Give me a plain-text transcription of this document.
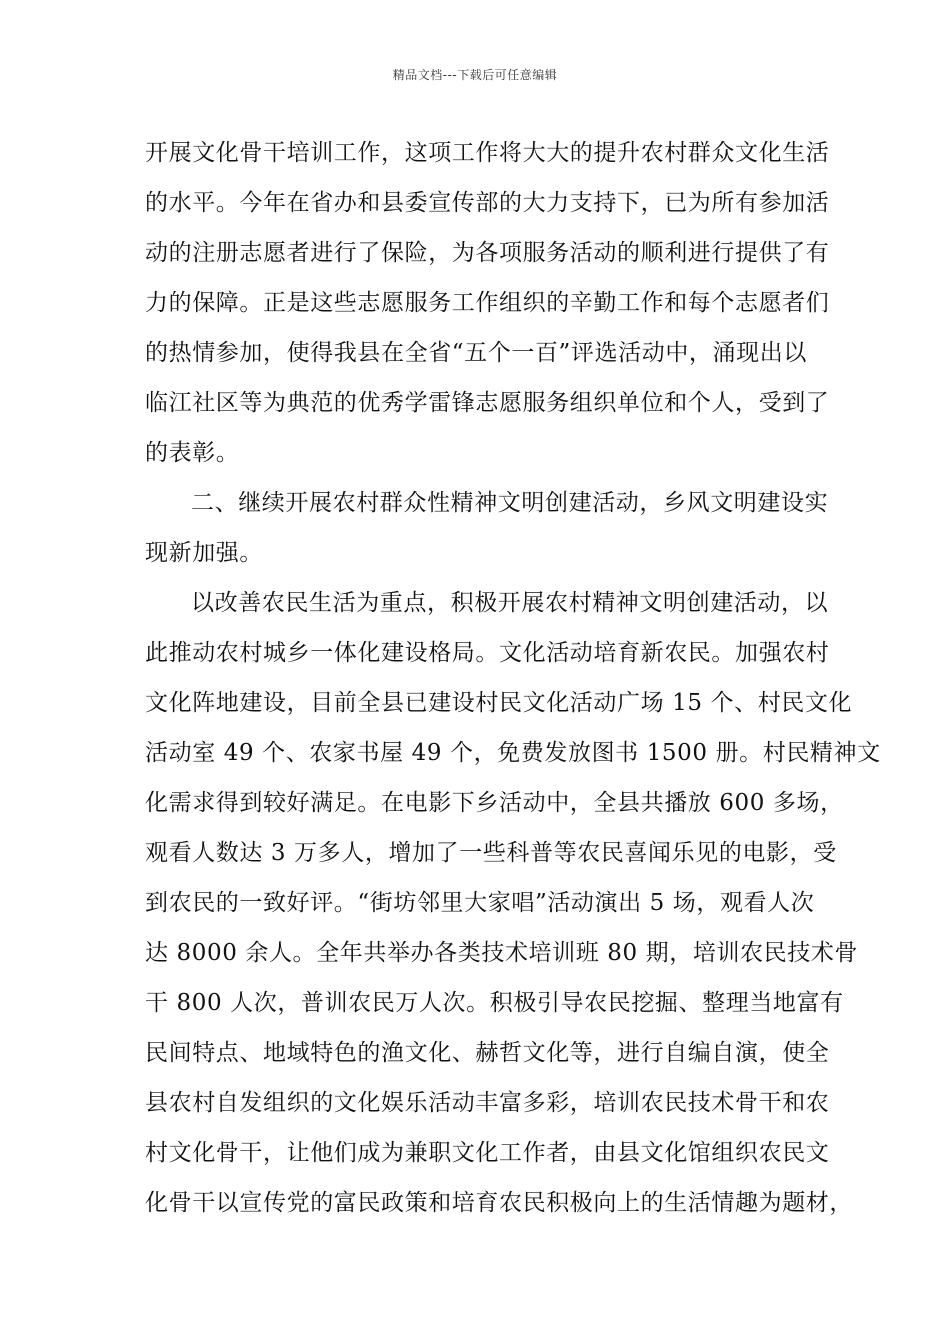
精品文档---下载后可任意编辑
开展文化骨干培训工作，这项工作将大大的提升农村群众文化生活
的水平。今年在省办和县委宣传部的大力支持下，已为所有参加活
动的注册志愿者进行了保险，为各项服务活动的顺利进行提供了有
力的保障。正是这些志愿服务工作组织的辛勤工作和每个志愿者们
的热情参加，使得我县在全省“五个一百”评选活动中，涌现出以
临江社区等为典范的优秀学雷锋志愿服务组织单位和个人，受到了
的表彰。
二、继续开展农村群众性精神文明创建活动，乡风文明建设实
现新加强。
以改善农民生活为重点，积极开展农村精神文明创建活动，以
此推动农村城乡一体化建设格局。文化活动培育新农民。加强农村
文化阵地建设，目前全县已建设村民文化活动广场 15 个、村民文化
活动室 49 个、农家书屋 49 个，免费发放图书 1500 册。村民精神文
化需求得到较好满足。在电影下乡活动中，全县共播放 600 多场，
观看人数达 3 万多人，增加了一些科普等农民喜闻乐见的电影，受
到农民的一致好评。“街坊邻里大家唱”活动演出 5 场，观看人次
达 8000 余人。全年共举办各类技术培训班 80 期，培训农民技术骨
干 800 人次，普训农民万人次。积极引导农民挖掘、整理当地富有
民间特点、地域特色的渔文化、赫哲文化等，进行自编自演，使全
县农村自发组织的文化娱乐活动丰富多彩，培训农民技术骨干和农
村文化骨干，让他们成为兼职文化工作者，由县文化馆组织农民文
化骨干以宣传党的富民政策和培育农民积极向上的生活情趣为题材，
